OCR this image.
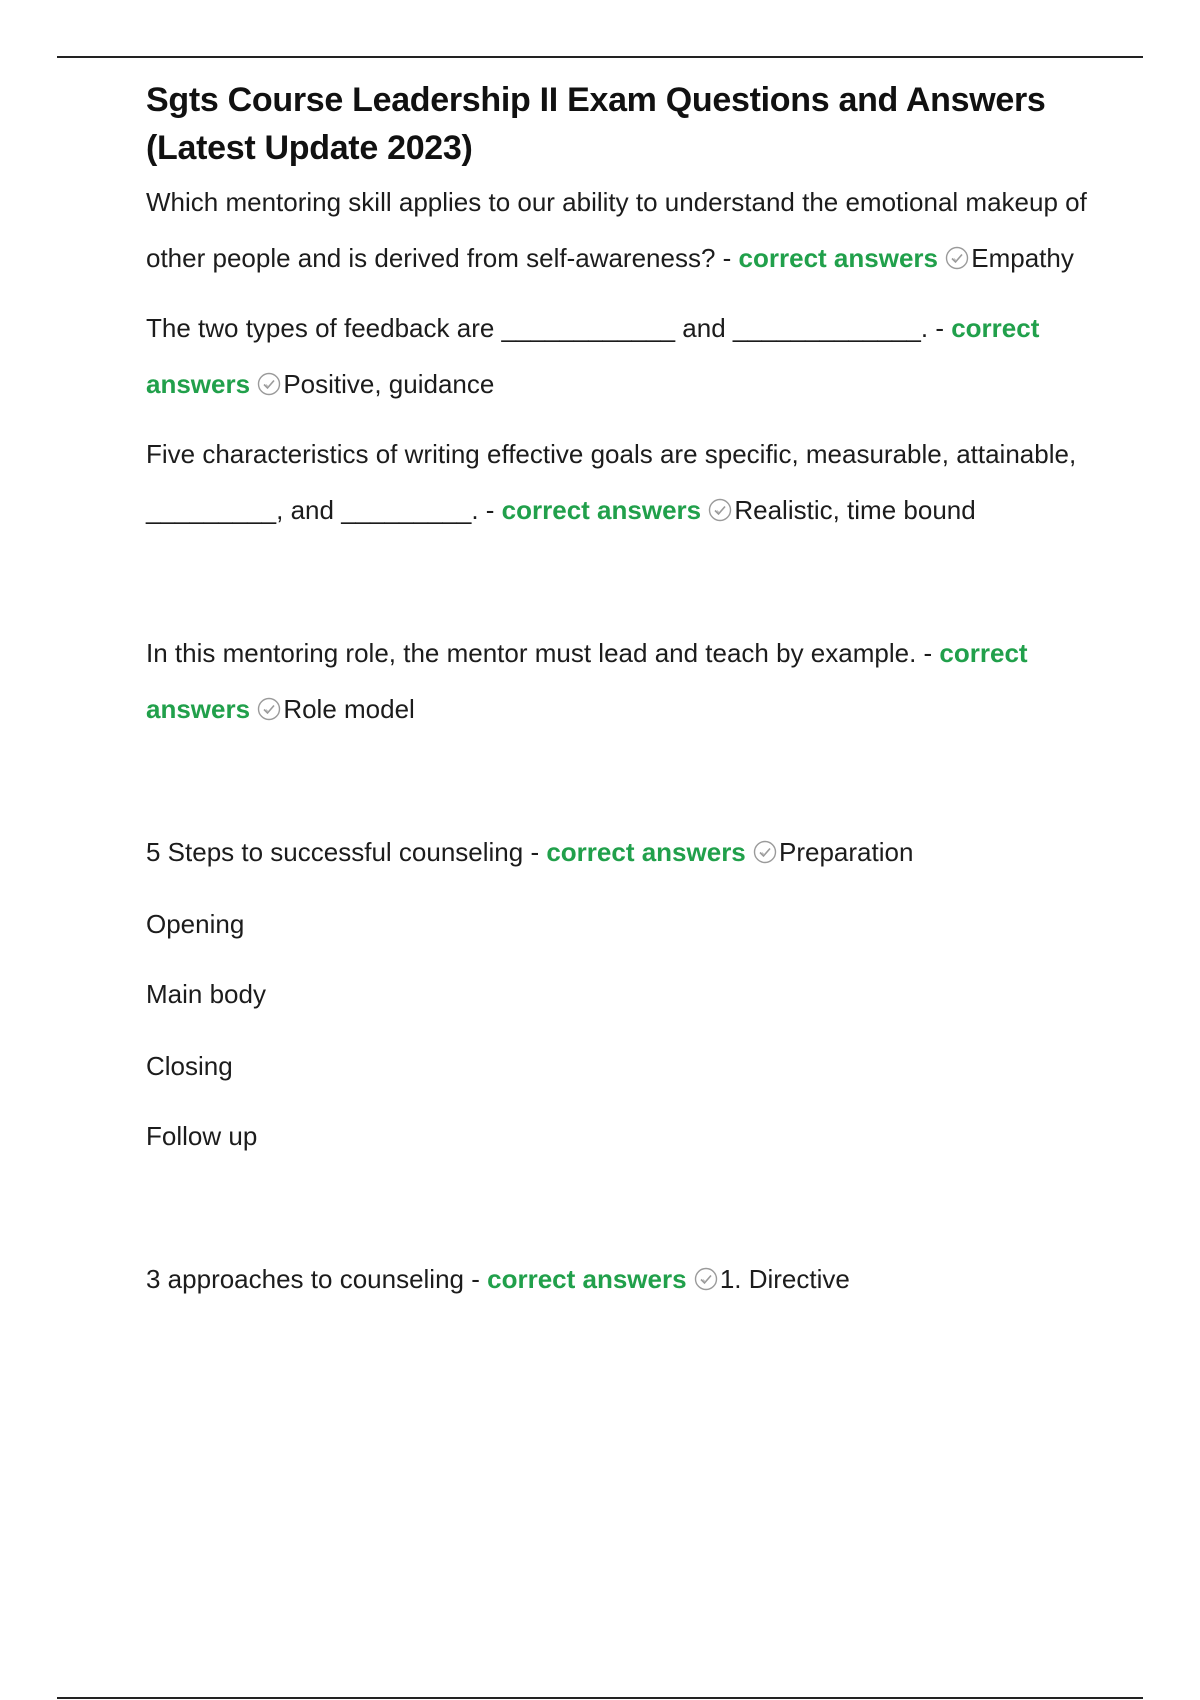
Sgts Course Leadership II Exam Questions and Answers (Latest Update 2023)

Which mentoring skill applies to our ability to understand the emotional makeup of other people and is derived from self-awareness? - correct answers Empathy

The two types of feedback are ____________ and _____________. - correct answers Positive, guidance

Five characteristics of writing effective goals are specific, measurable, attainable, _________, and _________. - correct answers Realistic, time bound

In this mentoring role, the mentor must lead and teach by example. - correct answers Role model

5 Steps to successful counseling - correct answers Preparation

Opening

Main body

Closing

Follow up

3 approaches to counseling - correct answers 1. Directive
